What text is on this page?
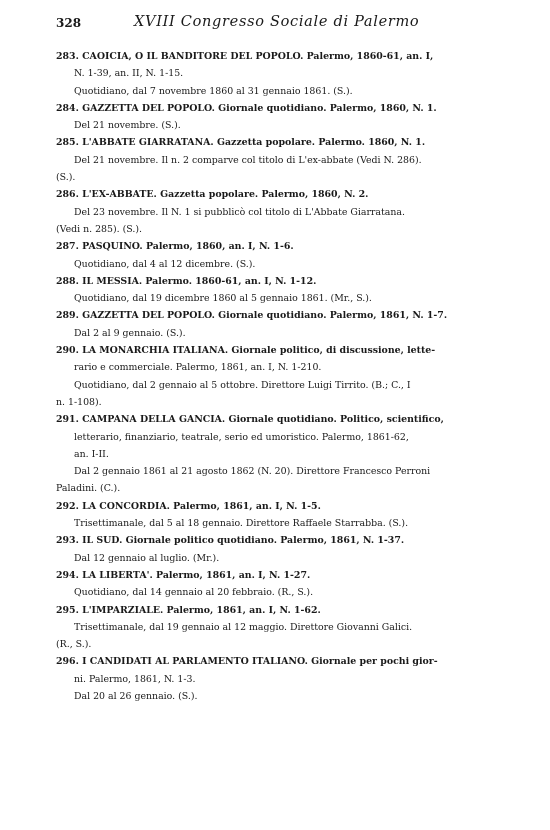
328	XVIII Congresso Sociale di Palermo
283. CAOICIA, O IL BANDITORE DEL POPOLO. Palermo, 1860-61, an. I,
N. 1-39, an. II, N. 1-15.
Quotidiano, dal 7 novembre 1860 al 31 gennaio 1861. (S.).
284. GAZZETTA DEL POPOLO. Giornale quotidiano. Palermo, 1860, N. 1.
Del 21 novembre. (S.).
285. L'ABBATE GIARRATANA. Gazzetta popolare. Palermo. 1860, N. 1.
Del 21 novembre. Il n. 2 comparve col titolo di L'ex-abbate (Vedi N. 286).
(S.).
286. L'EX-ABBATE. Gazzetta popolare. Palermo, 1860, N. 2.
Del 23 novembre. Il N. 1 si pubblicò col titolo di L'Abbate Giarratana.
(Vedi n. 285). (S.).
287. PASQUINO. Palermo, 1860, an. I, N. 1-6.
Quotidiano, dal 4 al 12 dicembre. (S.).
288. IL MESSIA. Palermo. 1860-61, an. I, N. 1-12.
Quotidiano, dal 19 dicembre 1860 al 5 gennaio 1861. (Mr., S.).
289. GAZZETTA DEL POPOLO. Giornale quotidiano. Palermo, 1861, N. 1-7.
Dal 2 al 9 gennaio. (S.).
290. LA MONARCHIA ITALIANA. Giornale politico, di discussione, lette-
rario e commerciale. Palermo, 1861, an. I, N. 1-210.
Quotidiano, dal 2 gennaio al 5 ottobre. Direttore Luigi Tirrito. (B.; C., I
n. 1-108).
291. CAMPANA DELLA GANCIA. Giornale quotidiano. Politico, scientifico,
letterario, finanziario, teatrale, serio ed umoristico. Palermo, 1861-62,
an. I-II.
Dal 2 gennaio 1861 al 21 agosto 1862 (N. 20). Direttore Francesco Perroni
Paladini. (C.).
292. LA CONCORDIA. Palermo, 1861, an. I, N. 1-5.
Trisettimanale, dal 5 al 18 gennaio. Direttore Raffaele Starrabba. (S.).
293. IL SUD. Giornale politico quotidiano. Palermo, 1861, N. 1-37.
Dal 12 gennaio al luglio. (Mr.).
294. LA LIBERTA'. Palermo, 1861, an. I, N. 1-27.
Quotidiano, dal 14 gennaio al 20 febbraio. (R., S.).
295. L'IMPARZIALE. Palermo, 1861, an. I, N. 1-62.
Trisettimanale, dal 19 gennaio al 12 maggio. Direttore Giovanni Galici.
(R., S.).
296. I CANDIDATI AL PARLAMENTO ITALIANO. Giornale per pochi gior-
ni. Palermo, 1861, N. 1-3.
Dal 20 al 26 gennaio. (S.).
